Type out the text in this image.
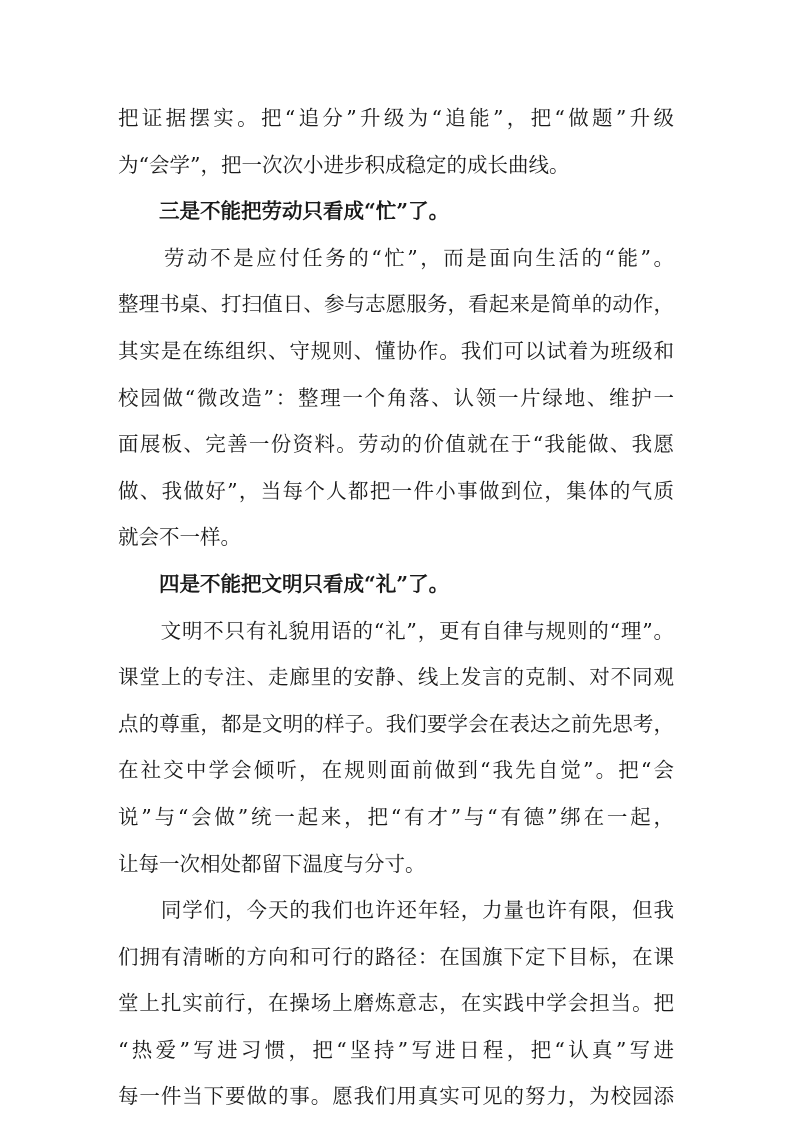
把证据摆实。把“追分”升级为“追能”，把“做题”升级
为“会学”，把一次次小进步积成稳定的成长曲线。
　　三是不能把劳动只看成“忙”了。
　　劳动不是应付任务的“忙”，而是面向生活的“能”。
整理书桌、打扫值日、参与志愿服务，看起来是简单的动作，
其实是在练组织、守规则、懂协作。我们可以试着为班级和
校园做“微改造”：整理一个角落、认领一片绿地、维护一
面展板、完善一份资料。劳动的价值就在于“我能做、我愿
做、我做好”，当每个人都把一件小事做到位，集体的气质
就会不一样。
　　四是不能把文明只看成“礼”了。
　　文明不只有礼貌用语的“礼”，更有自律与规则的“理”。
课堂上的专注、走廊里的安静、线上发言的克制、对不同观
点的尊重，都是文明的样子。我们要学会在表达之前先思考，
在社交中学会倾听，在规则面前做到“我先自觉”。把“会
说”与“会做”统一起来，把“有才”与“有德”绑在一起，
让每一次相处都留下温度与分寸。
　　同学们，今天的我们也许还年轻，力量也许有限，但我
们拥有清晰的方向和可行的路径：在国旗下定下目标，在课
堂上扎实前行，在操场上磨炼意志，在实践中学会担当。把
“热爱”写进习惯，把“坚持”写进日程，把“认真”写进
每一件当下要做的事。愿我们用真实可见的努力，为校园添
